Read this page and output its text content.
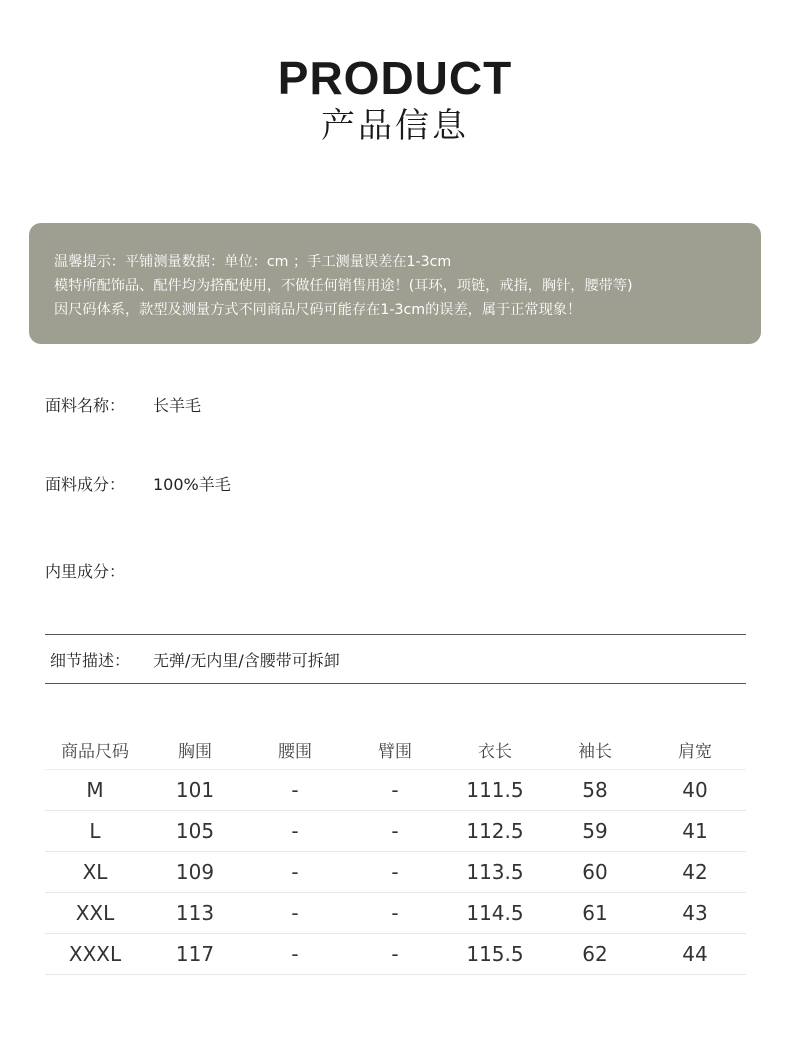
PRODUCT
产品信息
温馨提示：平铺测量数据：单位：cm ；手工测量误差在1-3cm
模特所配饰品、配件均为搭配使用，不做任何销售用途！(耳环，项链，戒指，胸针，腰带等)
因尺码体系，款型及测量方式不同商品尺码可能存在1-3cm的误差，属于正常现象！
面料名称： 长羊毛
面料成分： 100%羊毛
内里成分：
细节描述： 无弹/无内里/含腰带可拆卸
商品尺码	胸围	腰围	臂围	衣长	袖长	肩宽
M	101	-	-	111.5	58	40
L	105	-	-	112.5	59	41
XL	109	-	-	113.5	60	42
XXL	113	-	-	114.5	61	43
XXXL	117	-	-	115.5	62	44
